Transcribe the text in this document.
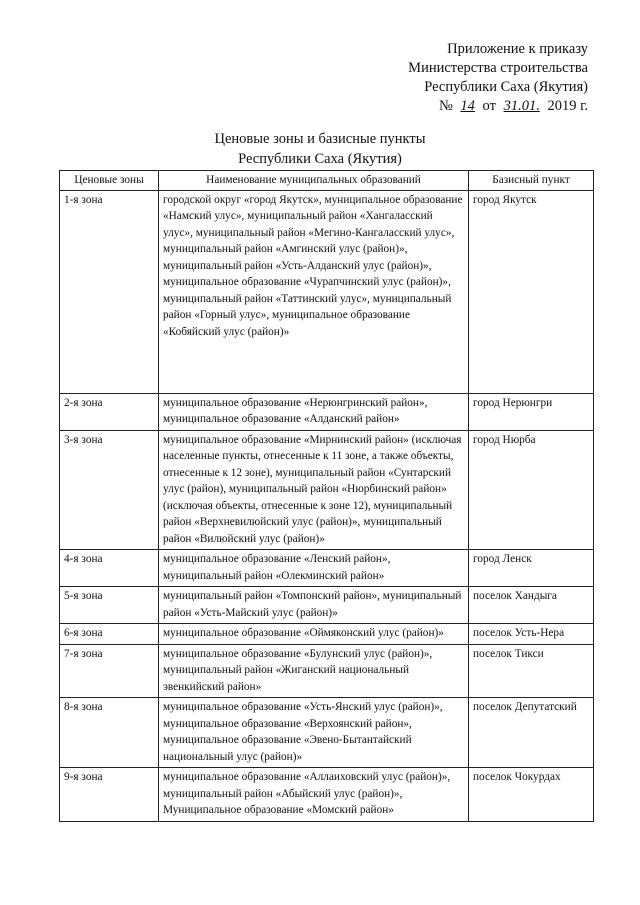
Приложение к приказу
Министерства строительства
Республики Саха (Якутия)
№ 14 от 31.01. 2019 г.
Ценовые зоны и базисные пункты
Республики Саха (Якутия)
Ценовые зоны	Наименование муниципальных образований	Базисный пункт
1-я зона	городской округ «город Якутск», муниципальное образование «Намский улус», муниципальный район «Хангаласский улус», муниципальный район «Мегино-Кангаласский улус», муниципальный район «Амгинский улус (район)», муниципальный район «Усть-Алданский улус (район)», муниципальное образование «Чурапчинский улус (район)», муниципальный район «Таттинский улус», муниципальный район «Горный улус», муниципальное образование «Кобяйский улус (район)»	город Якутск
2-я зона	муниципальное образование «Нерюнгринский район», муниципальное образование «Алданский район»	город Нерюнгри
3-я зона	муниципальное образование «Мирнинский район» (исключая населенные пункты, отнесенные к 11 зоне, а также объекты, отнесенные к 12 зоне), муниципальный район «Сунтарский улус (район), муниципальный район «Нюрбинский район» (исключая объекты, отнесенные к зоне 12), муниципальный район «Верхневилюйский улус (район)», муниципальный район «Вилюйский улус (район)»	город Нюрба
4-я зона	муниципальное образование «Ленский район», муниципальный район «Олекминский район»	город Ленск
5-я зона	муниципальный район «Томпонский район», муниципальный район «Усть-Майский улус (район)»	поселок Хандыга
6-я зона	муниципальное образование «Оймяконский улус (район)»	поселок Усть-Нера
7-я зона	муниципальное образование «Булунский улус (район)», муниципальный район «Жиганский национальный эвенкийский район»	поселок Тикси
8-я зона	муниципальное образование «Усть-Янский улус (район)», муниципальное образование «Верхоянский район», муниципальное образование «Эвено-Бытантайский национальный улус (район)»	поселок Депутатский
9-я зона	муниципальное образование «Аллаиховский улус (район)», муниципальный район «Абыйский улус (район)», Муниципальное образование «Момский район»	поселок Чокурдах
